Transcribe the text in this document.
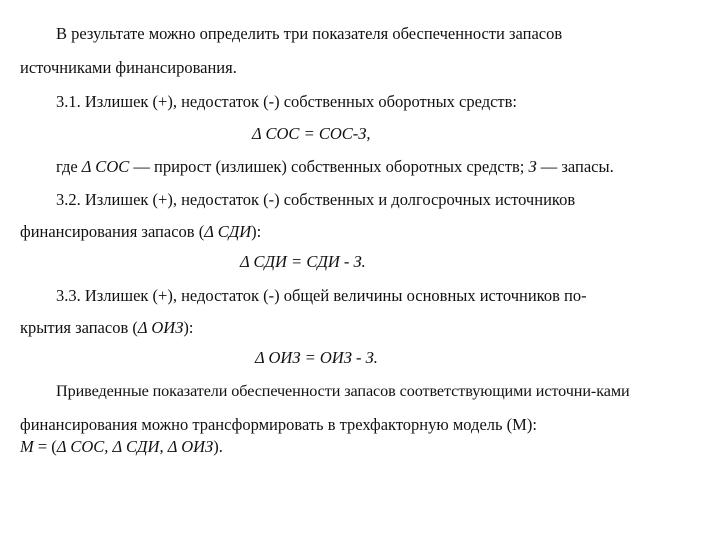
В результате можно определить три показателя обеспеченности запасов
источниками финансирования.
3.1. Излишек (+), недостаток (-) собственных оборотных средств:
Δ СОС = СОС-З,
где Δ СОС — прирост (излишек) собственных оборотных средств; З — запасы.
3.2. Излишек (+), недостаток (-) собственных и долгосрочных источников
финансирования запасов (Δ СДИ):
Δ СДИ = СДИ - З.
3.3. Излишек (+), недостаток (-) общей величины основных источников по-
крытия запасов (Δ ОИЗ):
Δ ОИЗ = ОИЗ - З.
Приведенные показатели обеспеченности запасов соответствующими источни-ками
финансирования можно трансформировать в трехфакторную модель (М):
М = (Δ СОС, Δ СДИ, Δ ОИЗ).
